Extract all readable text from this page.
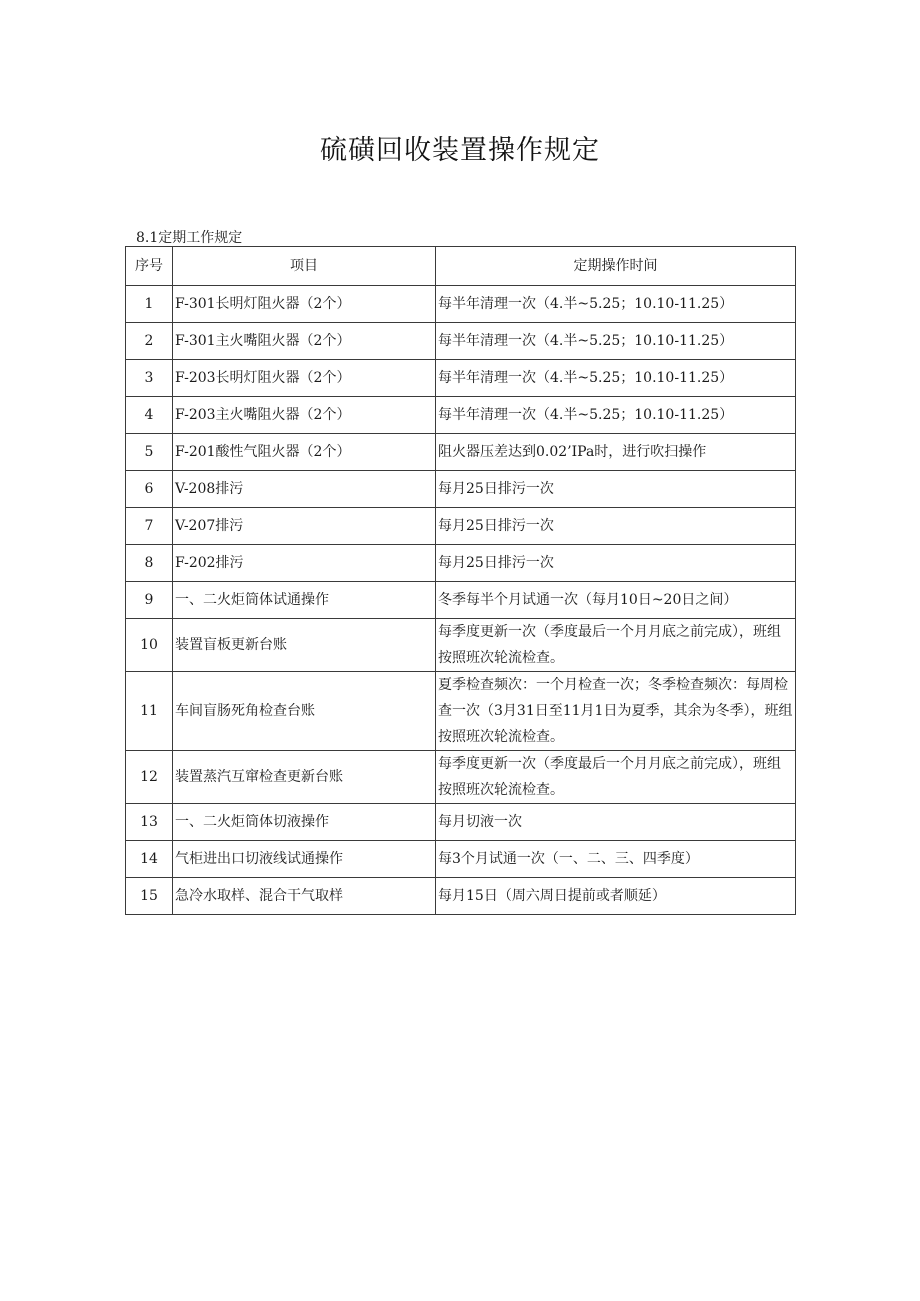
硫磺回收装置操作规定
8.1定期工作规定
序号	项目	定期操作时间
1	F-301长明灯阻火器（2个）	每半年清理一次（4.半~5.25；10.10-11.25）
2	F-301主火嘴阻火器（2个）	每半年清理一次（4.半~5.25；10.10-11.25）
3	F-203长明灯阻火器（2个）	每半年清理一次（4.半~5.25；10.10-11.25）
4	F-203主火嘴阻火器（2个）	每半年清理一次（4.半~5.25；10.10-11.25）
5	F-201酸性气阻火器（2个）	阻火器压差达到0.02’IPa时，进行吹扫操作
6	V-208排污	每月25日排污一次
7	V-207排污	每月25日排污一次
8	F-202排污	每月25日排污一次
9	一、二火炬筒体试通操作	冬季每半个月试通一次（每月10日~20日之间）
10	装置盲板更新台账	每季度更新一次（季度最后一个月月底之前完成），班组按照班次轮流检查。
11	车间盲肠死角检查台账	夏季检查频次：一个月检查一次；冬季检查频次：每周检查一次（3月31日至11月1日为夏季，其余为冬季），班组按照班次轮流检查。
12	装置蒸汽互窜检查更新台账	每季度更新一次（季度最后一个月月底之前完成），班组按照班次轮流检查。
13	一、二火炬筒体切液操作	每月切液一次
14	气柜进出口切液线试通操作	每3个月试通一次（一、二、三、四季度）
15	急冷水取样、混合干气取样	每月15日（周六周日提前或者顺延）
